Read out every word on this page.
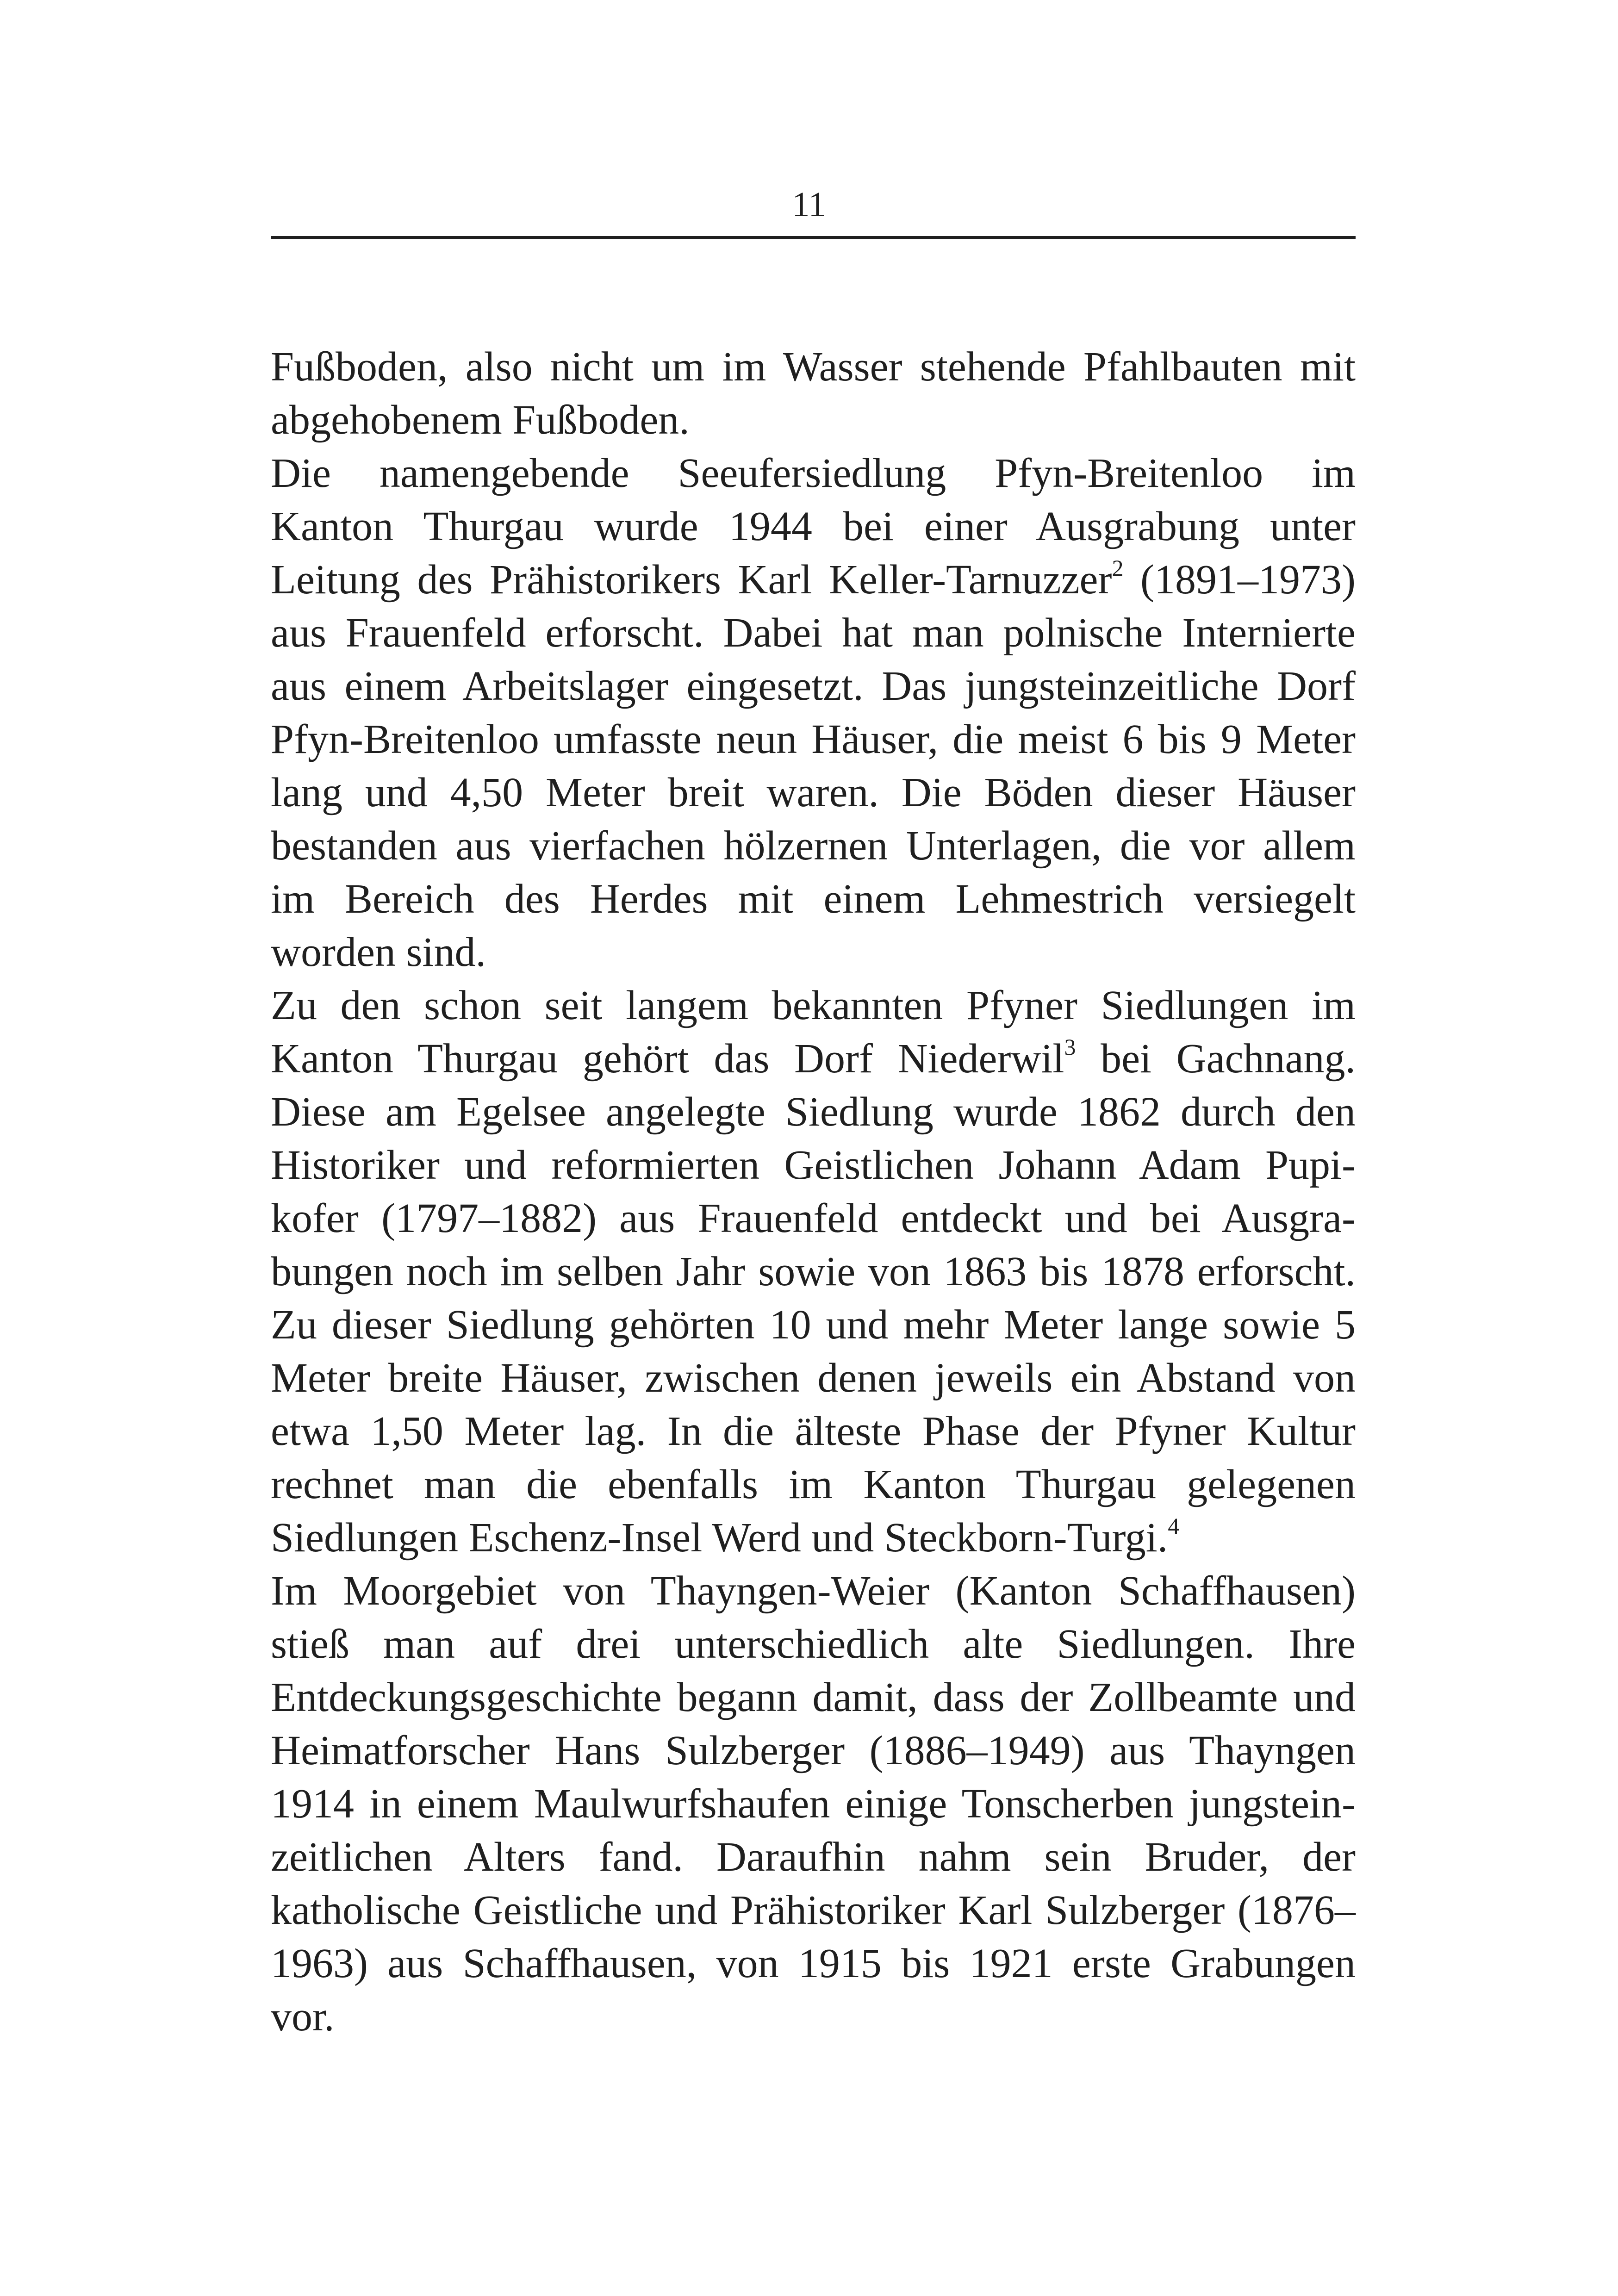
11
Fußboden, also nicht um im Wasser stehende Pfahlbauten mit
abgehobenem Fußboden.
Die namengebende Seeufersiedlung Pfyn-Breitenloo im
Kanton Thurgau wurde 1944 bei einer Ausgrabung unter
Leitung des Prähistorikers Karl Keller-Tarnuzzer$^2$ (1891–1973)
aus Frauenfeld erforscht. Dabei hat man polnische Internierte
aus einem Arbeitslager eingesetzt. Das jungsteinzeitliche Dorf
Pfyn-Breitenloo umfasste neun Häuser, die meist 6 bis 9 Meter
lang und 4,50 Meter breit waren. Die Böden dieser Häuser
bestanden aus vierfachen hölzernen Unterlagen, die vor allem
im Bereich des Herdes mit einem Lehmestrich versiegelt
worden sind.
Zu den schon seit langem bekannten Pfyner Siedlungen im
Kanton Thurgau gehört das Dorf Niederwil$^3$ bei Gachnang.
Diese am Egelsee angelegte Siedlung wurde 1862 durch den
Historiker und reformierten Geistlichen Johann Adam Pupi-
kofer (1797–1882) aus Frauenfeld entdeckt und bei Ausgra-
bungen noch im selben Jahr sowie von 1863 bis 1878 erforscht.
Zu dieser Siedlung gehörten 10 und mehr Meter lange sowie 5
Meter breite Häuser, zwischen denen jeweils ein Abstand von
etwa 1,50 Meter lag. In die älteste Phase der Pfyner Kultur
rechnet man die ebenfalls im Kanton Thurgau gelegenen
Siedlungen Eschenz-Insel Werd und Steckborn-Turgi.$^4$
Im Moorgebiet von Thayngen-Weier (Kanton Schaffhausen)
stieß man auf drei unterschiedlich alte Siedlungen. Ihre
Entdeckungsgeschichte begann damit, dass der Zollbeamte und
Heimatforscher Hans Sulzberger (1886–1949) aus Thayngen
1914 in einem Maulwurfshaufen einige Tonscherben jungstein-
zeitlichen Alters fand. Daraufhin nahm sein Bruder, der
katholische Geistliche und Prähistoriker Karl Sulzberger (1876–
1963) aus Schaffhausen, von 1915 bis 1921 erste Grabungen
vor.
